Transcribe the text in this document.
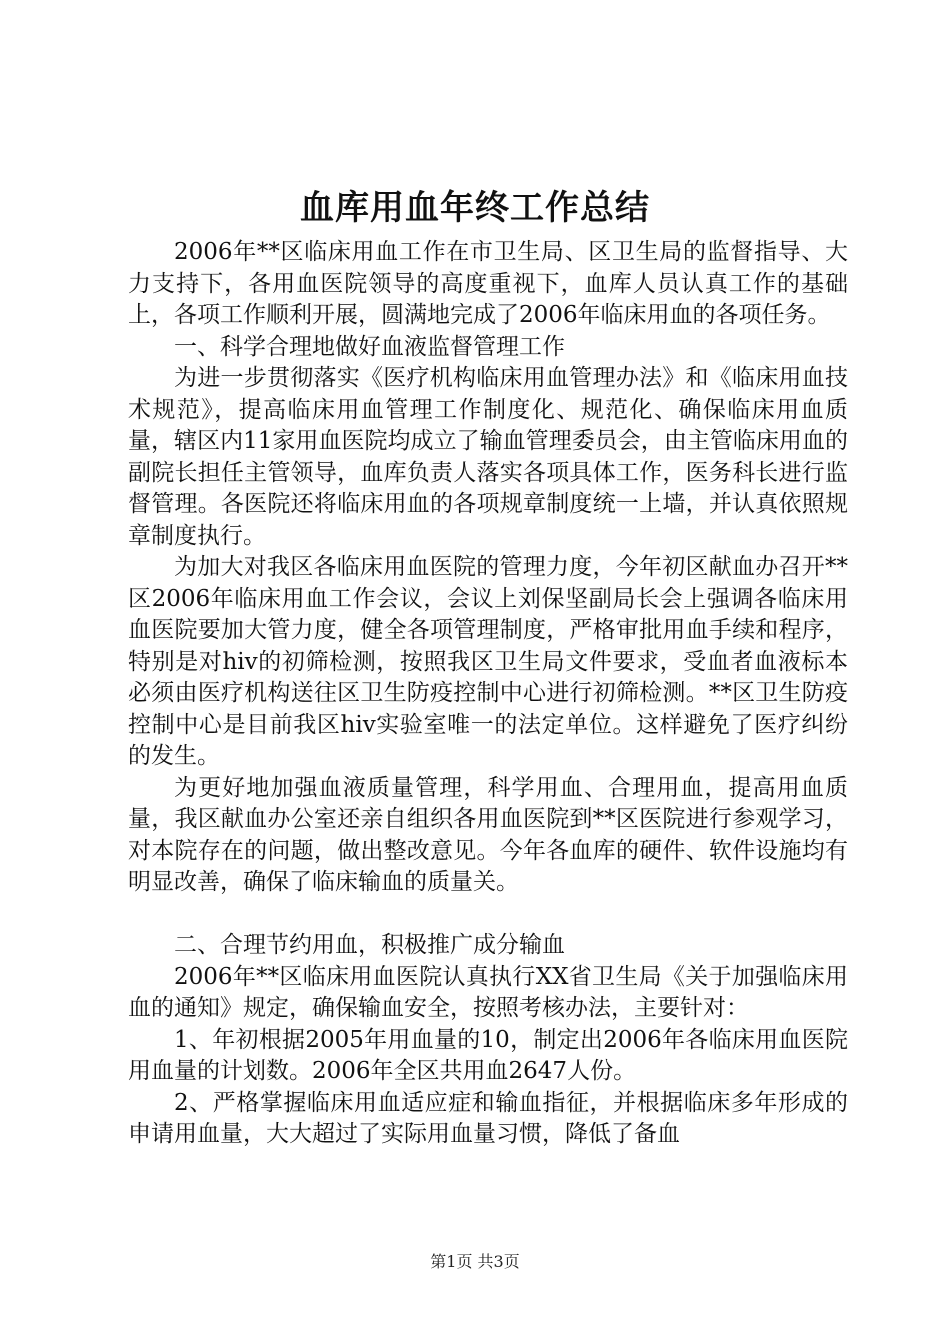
血库用血年终工作总结

2006年**区临床用血工作在市卫生局、区卫生局的监督指导、大力支持下，各用血医院领导的高度重视下，血库人员认真工作的基础上，各项工作顺利开展，圆满地完成了2006年临床用血的各项任务。

一、科学合理地做好血液监督管理工作

为进一步贯彻落实《医疗机构临床用血管理办法》和《临床用血技术规范》，提高临床用血管理工作制度化、规范化、确保临床用血质量，辖区内11家用血医院均成立了输血管理委员会，由主管临床用血的副院长担任主管领导，血库负责人落实各项具体工作，医务科长进行监督管理。各医院还将临床用血的各项规章制度统一上墙，并认真依照规章制度执行。

为加大对我区各临床用血医院的管理力度，今年初区献血办召开**区2006年临床用血工作会议，会议上刘保坚副局长会上强调各临床用血医院要加大管力度，健全各项管理制度，严格审批用血手续和程序，特别是对hiv的初筛检测，按照我区卫生局文件要求，受血者血液标本必须由医疗机构送往区卫生防疫控制中心进行初筛检测。**区卫生防疫控制中心是目前我区hiv实验室唯一的法定单位。这样避免了医疗纠纷的发生。

为更好地加强血液质量管理，科学用血、合理用血，提高用血质量，我区献血办公室还亲自组织各用血医院到**区医院进行参观学习，对本院存在的问题，做出整改意见。今年各血库的硬件、软件设施均有明显改善，确保了临床输血的质量关。

二、合理节约用血，积极推广成分输血

2006年**区临床用血医院认真执行XX省卫生局《关于加强临床用血的通知》规定，确保输血安全，按照考核办法，主要针对：

1、年初根据2005年用血量的10，制定出2006年各临床用血医院用血量的计划数。2006年全区共用血2647人份。

2、严格掌握临床用血适应症和输血指征，并根据临床多年形成的申请用血量，大大超过了实际用血量习惯，降低了备血

第1页 共3页
